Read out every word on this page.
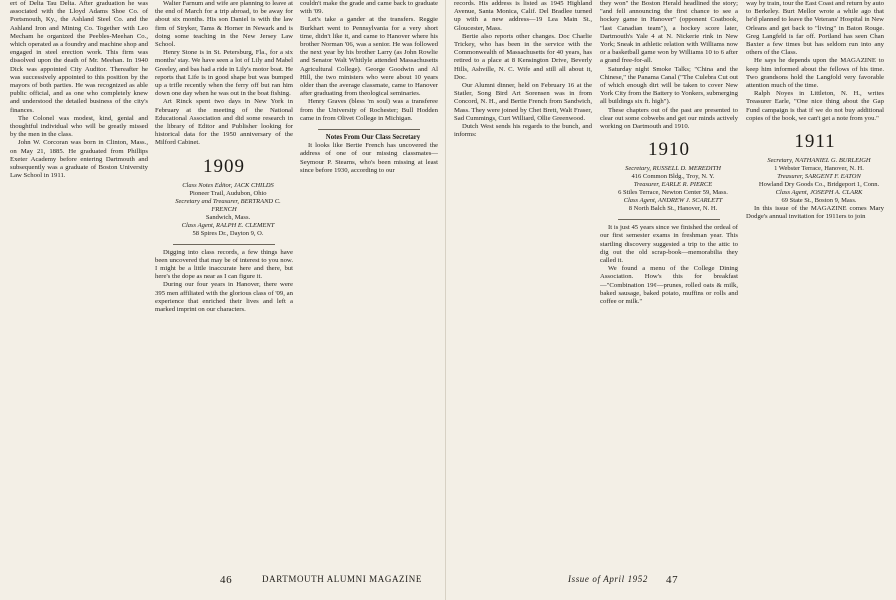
ert of Delta Tau Delta. After graduation he was associated with the Lloyd Adams Shoe Co. of Portsmouth, Ky., the Ashland Steel Co. and the Ashland Iron and Mining Co. Together with Leo Mecham he organized the Peebles-Meehan Co., which operated as a foundry and machine shop and engaged in steel erection work. This firm was dissolved upon the death of Mr. Meehan. In 1940 Dick was appointed City Auditor. Thereafter he was successively appointed to this position by the mayors of both parties. He was recognized as able public official, and as one who completely knew and understood the detailed business of the city's finances.

The Colonel was modest, kind, genial and thoughtful individual who will be greatly missed by the men in the class.

John W. Corcoran was born in Clinton, Mass., on May 21, 1885. He graduated from Phillips Exeter Academy before entering Dartmouth and subsequently was a graduate of Boston University Law School in 1911.

Walter Farnum and wife are planning to leave at the end of March for a trip abroad, to be away for about six months. His son Daniel is with the law firm of Stryker, Tams & Horner in Newark and is doing some teaching in the New Jersey Law School.

Henry Stone is in St. Petersburg, Fla., for a six months' stay. We have seen a lot of Lily and Mabel Greeley, and bas had a ride in Lily's motor boat. He reports that Life is in good shape but was bumped up a trifle recently when the ferry off but ran him down one day when he was out in the boat fishing.

Art Rinck spent two days in New York in February at the meeting of the National Educational Association and did some research in the library of Editor and Publisher looking for historical data for the 1950 anniversary of the Milford Cabinet.

1909

Class Notes Editor, JACK CHILDS

Pioneer Trail, Audubon, Ohio

Secretary and Treasurer, BERTRAND C. FRENCH

Sandwich, Mass.

Class Agent, RALPH E. CLEMENT

58 Spires Dr., Dayton 9, O.

Digging into class records, a few things have been uncovered that may be of interest to you now. I might be a little inaccurate here and there, but here's the dope as near as I can figure it.

During our four years in Hanover, there were 395 men affiliated with the glorious class of '09, an experience that enriched their lives and left a marked imprint on our characters.

couldn't make the grade and came back to graduate with '09.

Let's take a gander at the transfers. Reggie Burkhart went to Pennsylvania for a very short time, didn't like it, and came to Hanover where his brother Norman '06, was a senior. He was followed the next year by his brother Larry (as John Rowlie and Senator Walt Whitlyle attended Massachusetts Agricultural College). George Goodwin and Al Hill, the two ministers who were about 10 years older than the average classmate, came to Hanover after graduating from theological seminaries.

Henry Graves (bless 'm soul) was a transferee from the University of Rochester; Bull Hodden came in from Olivet College in Michigan.

Notes From Our Class Secretary

It looks like Bertie French has uncovered the address of one of our missing classmates—Seymour P. Stearns, who's been missing at least since before 1930, according to our

46	DARTMOUTH ALUMNI MAGAZINE

records. His address is listed as 1945 Highland Avenue, Santa Monica, Calif. Del Bradlee turned up with a new address—19 Lea Main St., Gloucester, Mass.

Bertie also reports other changes. Doc Charlie Trickey, who has been in the service with the Commonwealth of Massachusetts for 40 years, has retired to a place at 8 Kensington Drive, Beverly Hills, Ashville, N. C. Wife and still all about it, Doc.

Our Alumni dinner, held on February 16 at the Statler, Song Bird Art Sorensen was in from Concord, N. H., and Bertie French from Sandwich, Mass. They were joined by Chet Brett, Walt Fraser, Sad Cummings, Curt Williard, Ollie Greenwood.

Dutch West sends his regards to the bunch, and informs:

they won" the Boston Herald headlined the story; "and fell announcing the first chance to see a hockey game in Hanover" (opponent Coatbook, "last Canadian team"), a hockey score later, Dartmouth's Yale 4 at N. Nickerie rink in New York; Sneak in athletic relation with Williams now or a basketball game won by Williams 10 to 6 after a grand free-for-all.

Saturday night Smoke Talks; "China and the Chinese," the Panama Canal ("The Culebra Cut out of which enough dirt will be taken to cover New York City from the Battery to Yonkers, submerging all buildings six ft. high").

These chapters out of the past are presented to clear out some cobwebs and get our minds actively working on Dartmouth and 1910.

1910

Secretary, RUSSELL D. MEREDITH

416 Common Bldg., Troy, N. Y.

Treasurer, EARLE R. PIERCE

6 Stiles Terrace, Newton Center 59, Mass.

Class Agent, ANDREW J. SCARLETT

8 North Balch St., Hanover, N. H.

It is just 45 years since we finished the ordeal of our first semester exams in freshman year. This startling discovery suggested a trip to the attic to dig out the old scrap-book—memorabilia they called it.

We found a menu of the College Dining Association. How's this for breakfast—"Combination 19¢—prunes, rolled oats & milk, baked sausage, baked potato, muffins or rolls and coffee or milk."

way by train, tour the East Coast and return by auto to Berkeley. Burt Mellor wrote a while ago that he'd planned to leave the Veterans' Hospital in New Orleans and get back to "living" in Baton Rouge. Greg Langfeld is far off. Portland has seen Chan Baxter a few times but has seldom run into any others of the Class.

He says he depends upon the MAGAZINE to keep him informed about the fellows of his time. Two grandsons hold the Langfold very favorable attention much of the time.

Ralph Noyes in Littleton, N. H., writes Treasurer Earle, "One nice thing about the Gap Fund campaign is that if we do not buy additional copies of the book, we can't get a note from you."

1911

Secretary, NATHANIEL G. BURLEIGH

1 Webster Terrace, Hanover, N. H.

Treasurer, SARGENT F. EATON

Howland Dry Goods Co., Bridgeport 1, Conn.

Class Agent, JOSEPH A. CLARK

69 State St., Boston 9, Mass.

In this issue of the MAGAZINE comes Mary Dodge's annual invitation for 1911ers to join

Issue of April 1952 47
